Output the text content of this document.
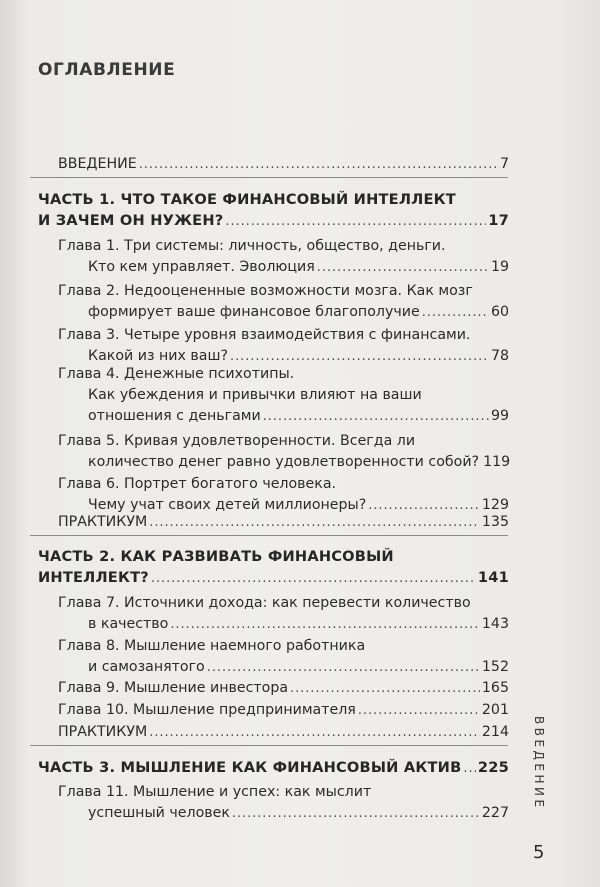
ОГЛАВЛЕНИЕ
ВВЕДЕНИЕ . . .	7
ЧАСТЬ 1. ЧТО ТАКОЕ ФИНАНСОВЫЙ ИНТЕЛЛЕКТ
И ЗАЧЕМ ОН НУЖЕН? . . .	17
Глава 1. Три системы: личность, общество, деньги.
Кто кем управляет. Эволюция . . .	19
Глава 2. Недооцененные возможности мозга. Как мозг
формирует ваше финансовое благополучие . . .	60
Глава 3. Четыре уровня взаимодействия с финансами.
Какой из них ваш? . . .	78
Глава 4. Денежные психотипы.
Как убеждения и привычки влияют на ваши
отношения с деньгами . . .	99
Глава 5. Кривая удовлетворенности. Всегда ли
количество денег равно удовлетворенности собой? 119
Глава 6. Портрет богатого человека.
Чему учат своих детей миллионеры? . . .	129
ПРАКТИКУМ . . .	135
ЧАСТЬ 2. КАК РАЗВИВАТЬ ФИНАНСОВЫЙ
ИНТЕЛЛЕКТ? . . .	141
Глава 7. Источники дохода: как перевести количество
в качество . . .	143
Глава 8. Мышление наемного работника
и самозанятого . . .	152
Глава 9. Мышление инвестора . . .	165
Глава 10. Мышление предпринимателя . . .	201
ПРАКТИКУМ . . .	214
ЧАСТЬ 3. МЫШЛЕНИЕ КАК ФИНАНСОВЫЙ АКТИВ . . . 225
Глава 11. Мышление и успех: как мыслит
успешный человек . . .	227
ВВЕДЕНИЕ
5
